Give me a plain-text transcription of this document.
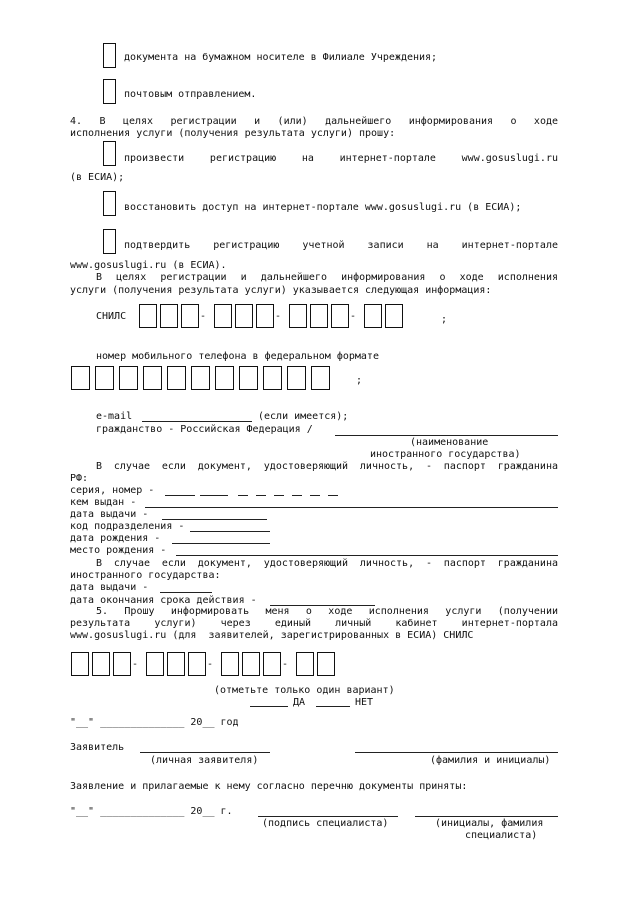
документа на бумажном носителе в Филиале Учреждения;
почтовым отправлением.
4. В целях регистрации и (или) дальнейшего информирования о ходе
исполнения услуги (получения результата услуги) прошу:
произвести регистрацию на интернет-портале www.gosuslugi.ru
(в ЕСИА);
восстановить доступ на интернет-портале www.gosuslugi.ru (в ЕСИА);
подтвердить регистрацию учетной записи на интернет-портале
www.gosuslugi.ru (в ЕСИА).
В целях регистрации и дальнейшего информирования о ходе исполнения
услуги (получения результата услуги) указывается следующая информация:
СНИЛС	-	-	-	;
номер мобильного телефона в федеральном формате
;
e-mail	(если имеется);
гражданство - Российская Федерация /
(наименование
иностранного государства)
В случае если документ, удостоверяющий личность, - паспорт гражданина
РФ:
серия, номер -
кем выдан -
дата выдачи -
код подразделения -
дата рождения -
место рождения -
В случае если документ, удостоверяющий личность, - паспорт гражданина
иностранного государства:
дата выдачи -
дата окончания срока действия -
5. Прошу информировать меня о ходе исполнения услуги (получении
результата услуги) через единый личный кабинет интернет-портала
www.gosuslugi.ru (для  заявителей, зарегистрированных в ЕСИА) СНИЛС
-	-	-
(отметьте только один вариант)
ДА	НЕТ
"__" ______________ 20__ год
Заявитель
(личная заявителя)	(фамилия и инициалы)
Заявление и прилагаемые к нему согласно перечню документы приняты:
"__" ______________ 20__ г.
(подпись специалиста)	(инициалы, фамилия
специалиста)
